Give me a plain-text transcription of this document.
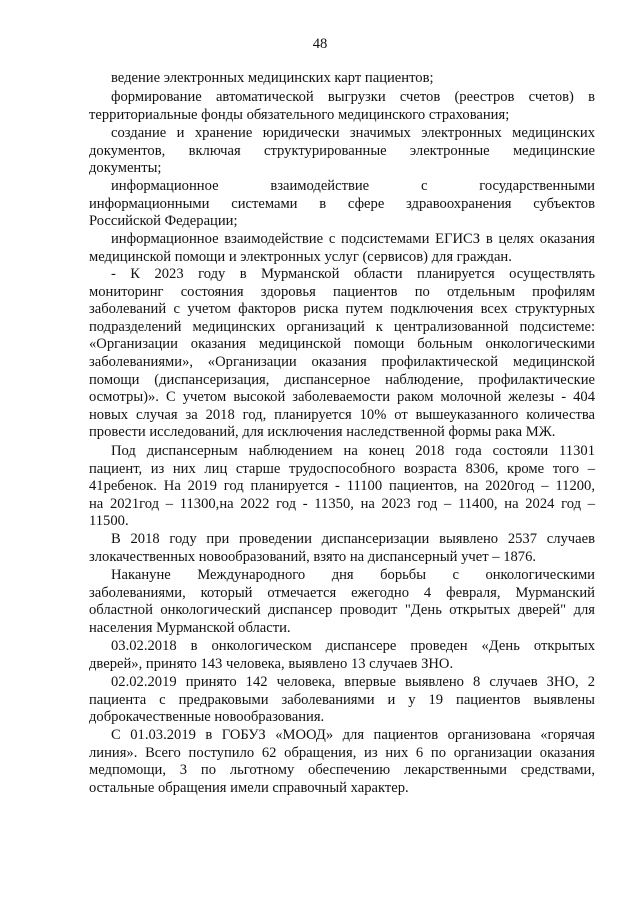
48
ведение электронных медицинских карт пациентов;
формирование автоматической выгрузки счетов (реестров счетов) в
территориальные фонды обязательного медицинского страхования;
создание и хранение юридически значимых электронных медицинских
документов, включая структурированные электронные медицинские
документы;
информационное взаимодействие с государственными
информационными системами в сфере здравоохранения субъектов
Российской Федерации;
информационное взаимодействие с подсистемами ЕГИСЗ в целях оказания
медицинской помощи и электронных услуг (сервисов) для граждан.
- К 2023 году в Мурманской области планируется осуществлять
мониторинг состояния здоровья пациентов по отдельным профилям
заболеваний с учетом факторов риска путем подключения всех структурных
подразделений медицинских организаций к централизованной подсистеме:
«Организации оказания медицинской помощи больным онкологическими
заболеваниями», «Организации оказания профилактической медицинской
помощи (диспансеризация, диспансерное наблюдение, профилактические
осмотры)». С учетом высокой заболеваемости раком молочной железы - 404
новых случая за 2018 год, планируется 10% от вышеуказанного количества
провести исследований, для исключения наследственной формы рака МЖ.
Под диспансерным наблюдением на конец 2018 года состояли 11301
пациент, из них лиц старше трудоспособного возраста 8306, кроме того –
41ребенок. На 2019 год планируется - 11100 пациентов, на 2020год – 11200,
на 2021год – 11300,на 2022 год - 11350, на 2023 год – 11400, на 2024 год –
11500.
В 2018 году при проведении диспансеризации выявлено 2537 случаев
злокачественных новообразований, взято на диспансерный учет – 1876.
Накануне Международного дня борьбы с онкологическими
заболеваниями, который отмечается ежегодно 4 февраля, Мурманский
областной онкологический диспансер проводит "День открытых дверей" для
населения Мурманской области.
03.02.2018 в онкологическом диспансере проведен «День открытых
дверей», принято 143 человека, выявлено 13 случаев ЗНО.
02.02.2019 принято 142 человека, впервые выявлено 8 случаев ЗНО, 2
пациента с предраковыми заболеваниями и у 19 пациентов выявлены
доброкачественные новообразования.
С 01.03.2019 в ГОБУЗ «МООД» для пациентов организована «горячая
линия». Всего поступило 62 обращения, из них 6 по организации оказания
медпомощи, 3 по льготному обеспечению лекарственными средствами,
остальные обращения имели справочный характер.
